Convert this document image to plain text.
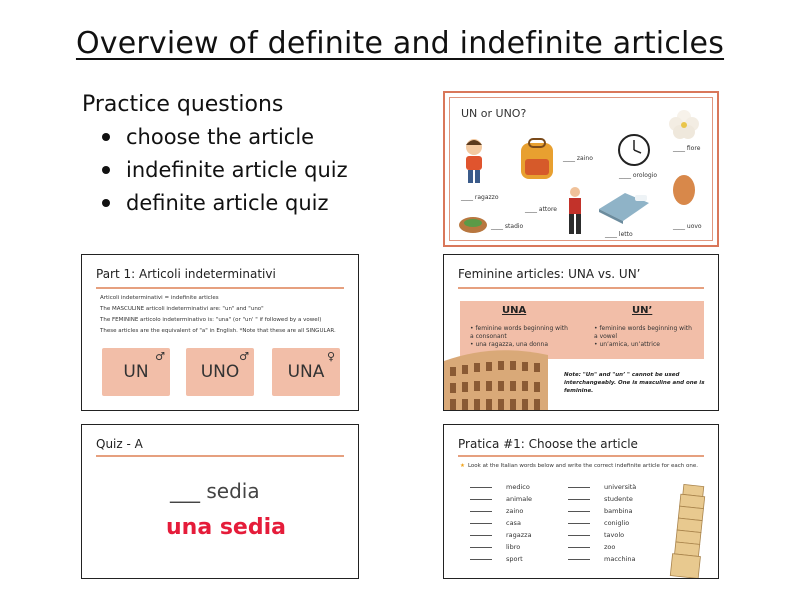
Overview of definite and indefinite articles
Practice questions
choose the article
indefinite article quiz
definite article quiz
UN or UNO?
____ zaino
____ orologio
____ fiore
____ ragazzo
____ attore
____ stadio
____ letto
____ uovo
Part 1: Articoli indeterminativi
Articoli indeterminativi = indefinite articles
The MASCULINE articoli indeterminativi are: "un" and "uno"
The FEMININE articolo indeterminativo is: "una" (or "un' " if followed by a vowel)
These articles are the equivalent of "a" in English. *Note that these are all SINGULAR.
UN
♂
UNO
♂
UNA
♀
Feminine articles: UNA vs. UN’
UNA	UN’
• feminine words beginning with
a consonant
• una ragazza, una donna
• feminine words beginning with
a vowel
• un’amica, un’attrice
Note: "Un" and "un’ " cannot be used
interchangeably. One is masculine and one is
feminine.
Quiz - A
___ sedia
una sedia
Pratica #1: Choose the article
★ Look at the Italian words below and write the correct indefinite article for each one.
medico
animale
zaino
casa
ragazza
libro
sport
università
studente
bambina
coniglio
tavolo
zoo
macchina
